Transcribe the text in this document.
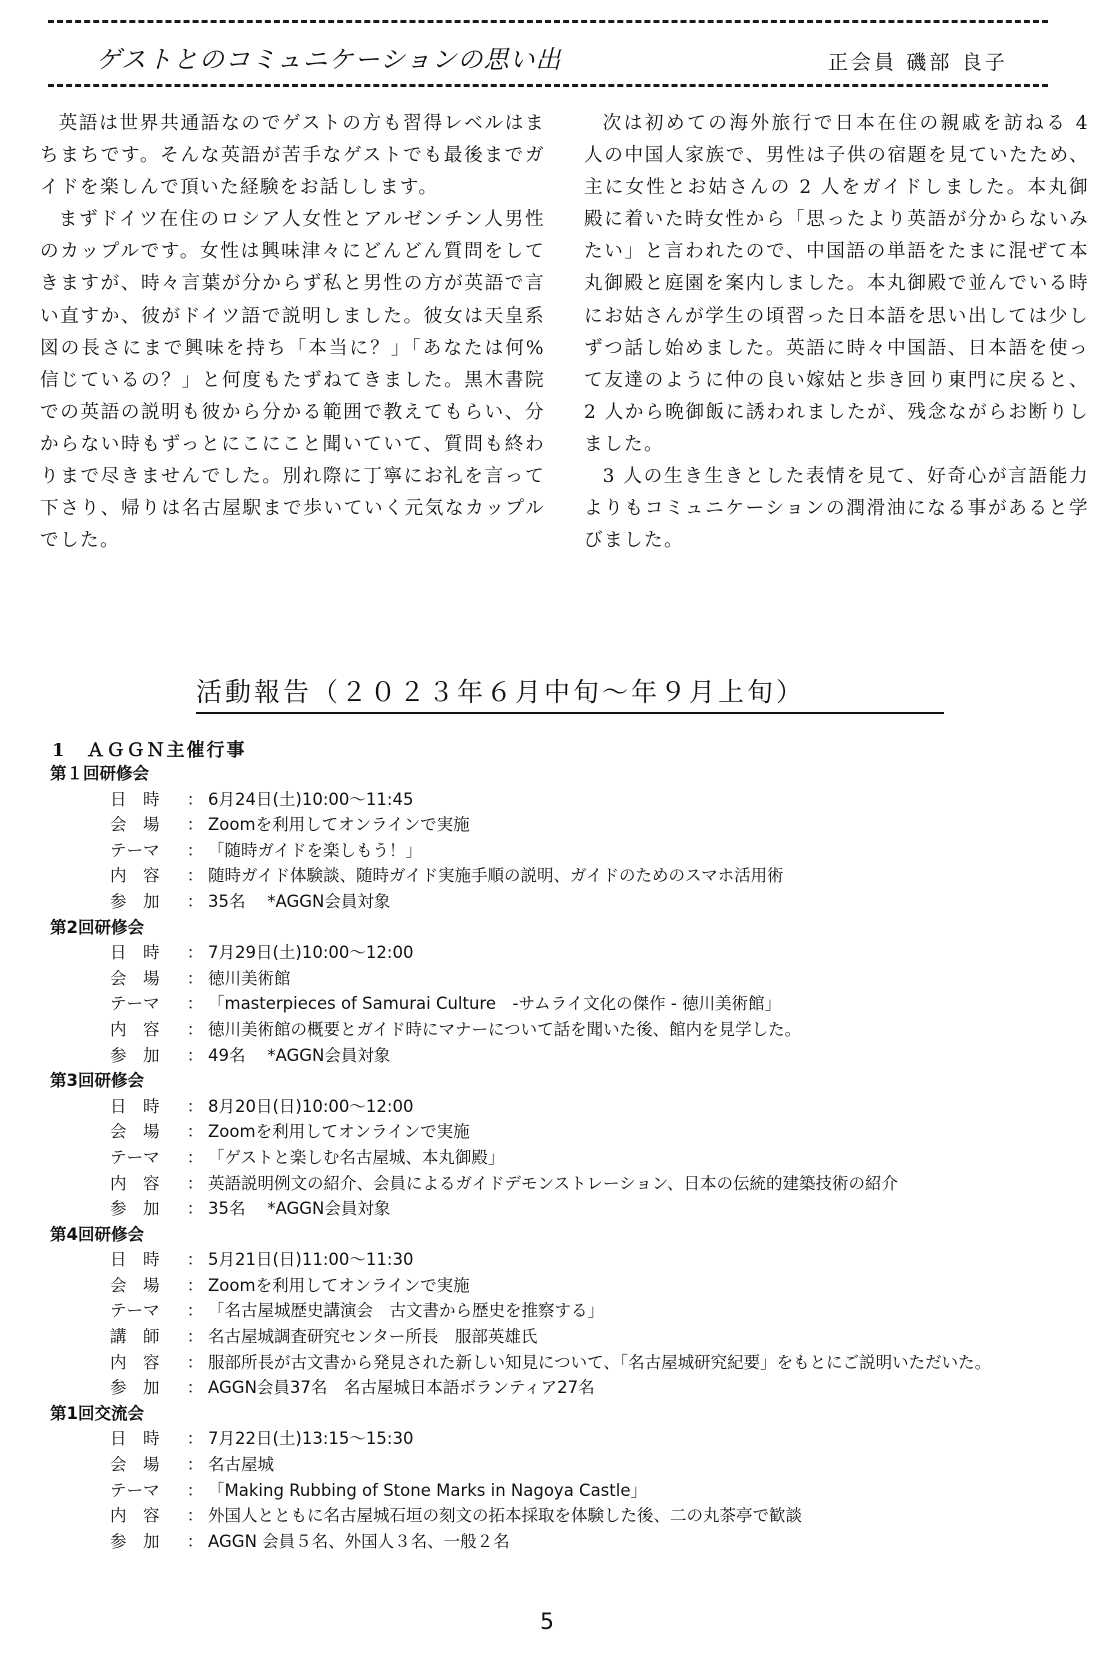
ゲストとのコミュニケーションの思い出	正会員 磯部 良子

英語は世界共通語なのでゲストの方も習得レベルはまちまちです。そんな英語が苦手なゲストでも最後までガイドを楽しんで頂いた経験をお話しします。

まずドイツ在住のロシア人女性とアルゼンチン人男性のカップルです。女性は興味津々にどんどん質問をしてきますが、時々言葉が分からず私と男性の方が英語で言い直すか、彼がドイツ語で説明しました。彼女は天皇系図の長さにまで興味を持ち「本当に？」「あなたは何%信じているの？」と何度もたずねてきました。黒木書院での英語の説明も彼から分かる範囲で教えてもらい、分からない時もずっとにこにこと聞いていて、質問も終わりまで尽きませんでした。別れ際に丁寧にお礼を言って下さり、帰りは名古屋駅まで歩いていく元気なカップルでした。

次は初めての海外旅行で日本在住の親戚を訪ねる 4 人の中国人家族で、男性は子供の宿題を見ていたため、主に女性とお姑さんの 2 人をガイドしました。本丸御殿に着いた時女性から「思ったより英語が分からないみたい」と言われたので、中国語の単語をたまに混ぜて本丸御殿と庭園を案内しました。本丸御殿で並んでいる時にお姑さんが学生の頃習った日本語を思い出しては少しずつ話し始めました。英語に時々中国語、日本語を使って友達のように仲の良い嫁姑と歩き回り東門に戻ると、2 人から晩御飯に誘われましたが、残念ながらお断りしました。

3 人の生き生きとした表情を見て、好奇心が言語能力よりもコミュニケーションの潤滑油になる事があると学びました。

活動報告（２０２３年６月中旬～年９月上旬）
1　ＡＧＧＮ主催行事
第１回研修会
日　時	： 6月24日(土)10:00～11:45
会　場	： Zoomを利用してオンラインで実施
テーマ	： 「随時ガイドを楽しもう！」
内　容	： 随時ガイド体験談、随時ガイド実施手順の説明、ガイドのためのスマホ活用術
参　加	： 35名　 *AGGN会員対象
第2回研修会
日　時	： 7月29日(土)10:00～12:00
会　場	： 徳川美術館
テーマ	： 「masterpieces of Samurai Culture　-サムライ文化の傑作 - 徳川美術館」
内　容	： 徳川美術館の概要とガイド時にマナーについて話を聞いた後、館内を見学した。
参　加	： 49名　 *AGGN会員対象
第3回研修会
日　時	： 8月20日(日)10:00～12:00
会　場	： Zoomを利用してオンラインで実施
テーマ	： 「ゲストと楽しむ名古屋城、本丸御殿」
内　容	： 英語説明例文の紹介、会員によるガイドデモンストレーション、日本の伝統的建築技術の紹介
参　加	： 35名　 *AGGN会員対象
第4回研修会
日　時	： 5月21日(日)11:00～11:30
会　場	： Zoomを利用してオンラインで実施
テーマ	： 「名古屋城歴史講演会　古文書から歴史を推察する」
講　師	： 名古屋城調査研究センター所長　服部英雄氏
内　容	： 服部所長が古文書から発見された新しい知見について、「名古屋城研究紀要」をもとにご説明いただいた。
参　加	： AGGN会員37名　名古屋城日本語ボランティア27名
第1回交流会
日　時	： 7月22日(土)13:15～15:30
会　場	： 名古屋城
テーマ	： 「Making Rubbing of Stone Marks in Nagoya Castle」
内　容	： 外国人とともに名古屋城石垣の刻文の拓本採取を体験した後、二の丸茶亭で歓談
参　加	： AGGN 会員５名、外国人３名、一般２名
5
